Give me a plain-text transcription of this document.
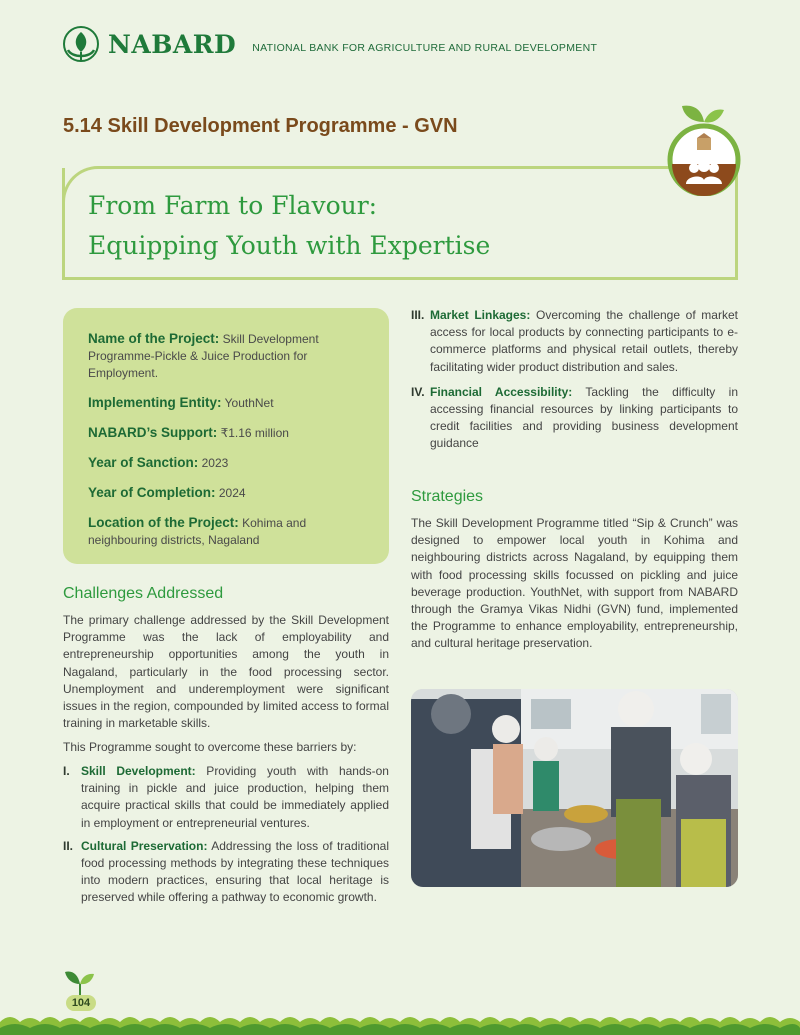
NABARD NATIONAL BANK FOR AGRICULTURE AND RURAL DEVELOPMENT
5.14 Skill Development Programme - GVN
From Farm to Flavour:
Equipping Youth with Expertise
Name of the Project: Skill Development Programme-Pickle & Juice Production for Employment.
Implementing Entity: YouthNet
NABARD’s Support: ₹1.16 million
Year of Sanction: 2023
Year of Completion: 2024
Location of the Project: Kohima and neighbouring districts, Nagaland
Challenges Addressed
The primary challenge addressed by the Skill Development Programme was the lack of employability and entrepreneurship opportunities among the youth in Nagaland, particularly in the food processing sector. Unemployment and underemployment were significant issues in the region, compounded by limited access to formal training in marketable skills.
This Programme sought to overcome these barriers by:
I. Skill Development: Providing youth with hands-on training in pickle and juice production, helping them acquire practical skills that could be immediately applied in employment or entrepreneurial ventures.
II. Cultural Preservation: Addressing the loss of traditional food processing methods by integrating these techniques into modern practices, ensuring that local heritage is preserved while offering a pathway to economic growth.
III. Market Linkages: Overcoming the challenge of market access for local products by connecting participants to e-commerce platforms and physical retail outlets, thereby facilitating wider product distribution and sales.
IV. Financial Accessibility: Tackling the difficulty in accessing financial resources by linking participants to credit facilities and providing business development guidance
Strategies
The Skill Development Programme titled “Sip & Crunch” was designed to empower local youth in Kohima and neighbouring districts across Nagaland, by equipping them with food processing skills focussed on pickling and juice beverage production. YouthNet, with support from NABARD through the Gramya Vikas Nidhi (GVN) fund, implemented the Programme to enhance employability, entrepreneurship, and cultural heritage preservation.
104
